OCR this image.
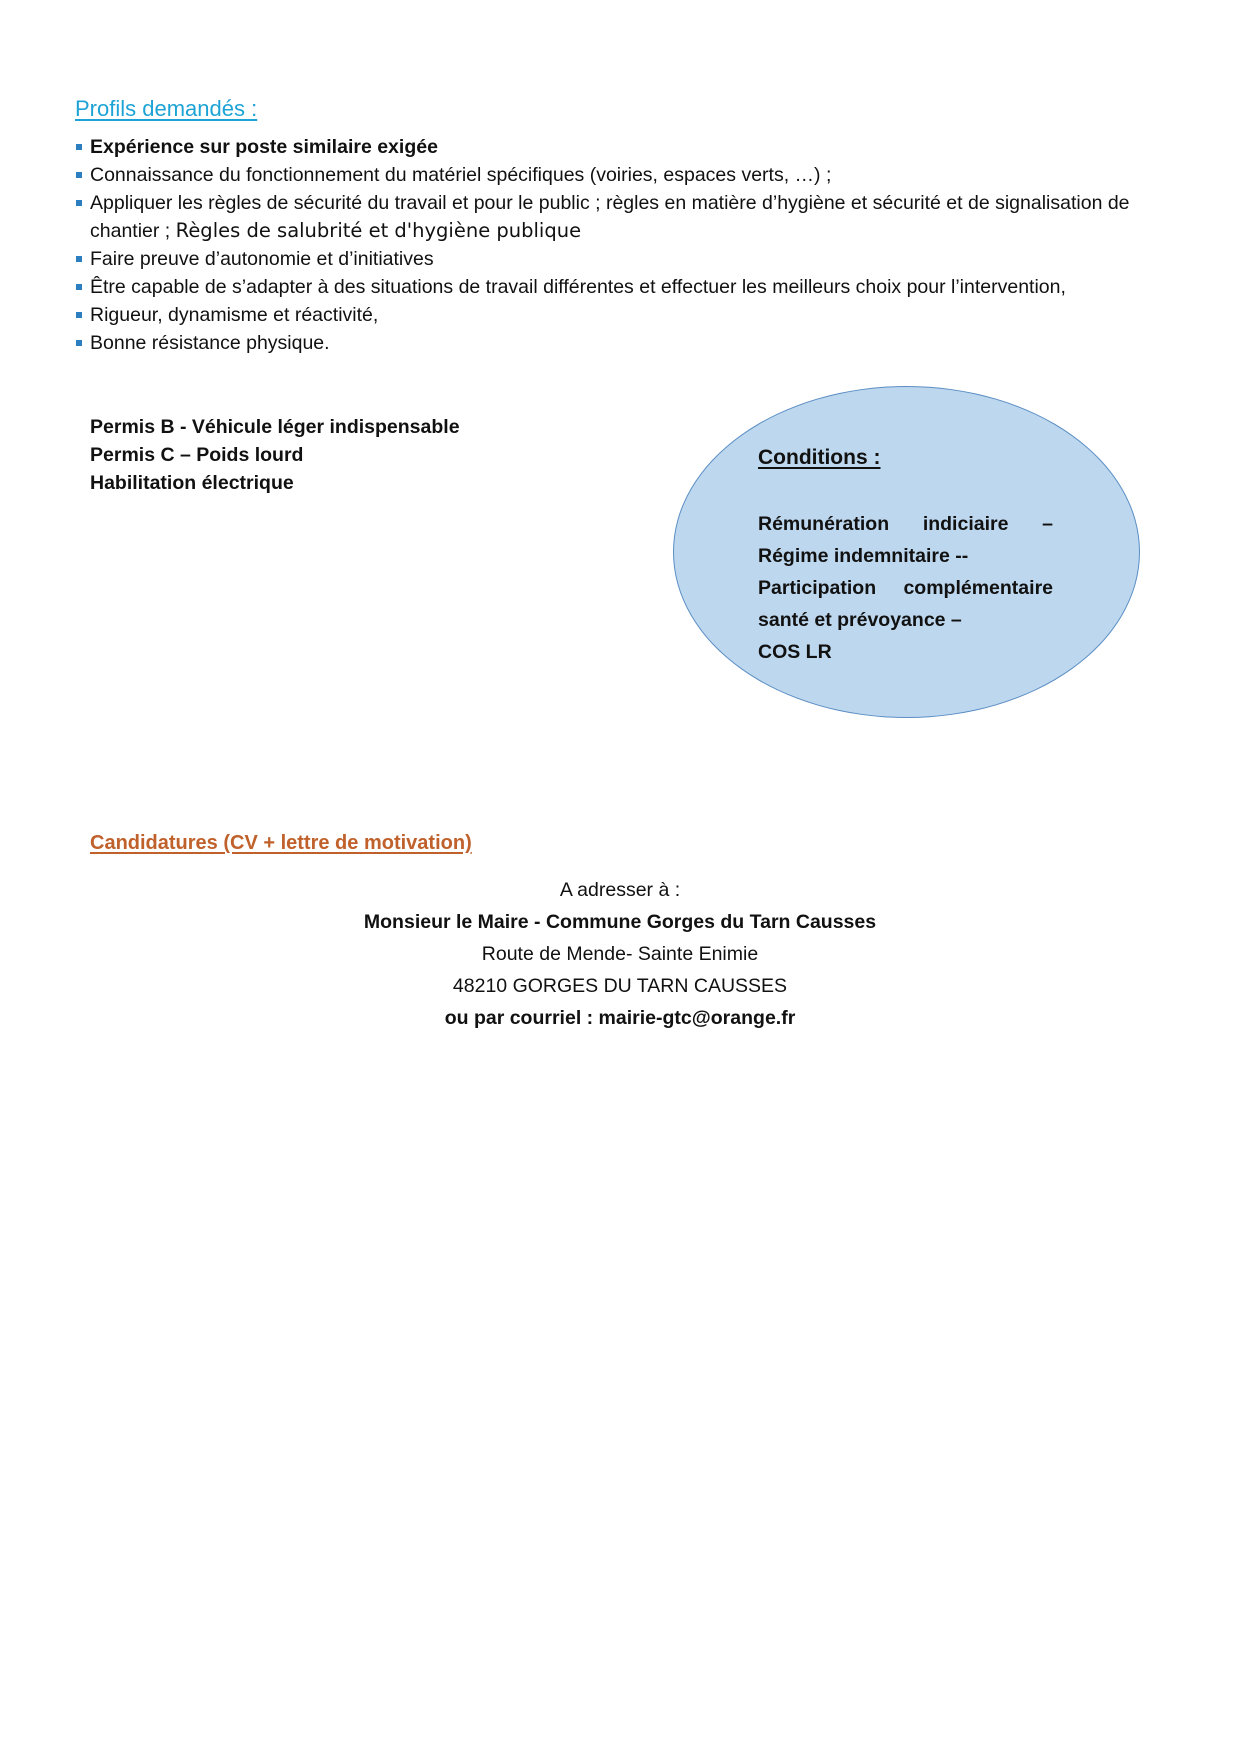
Profils demandés :
Expérience sur poste similaire exigée
Connaissance du fonctionnement du matériel spécifiques (voiries, espaces verts, …) ;
Appliquer les règles de sécurité du travail et pour le public ; règles en matière d’hygiène et sécurité et de signalisation de chantier ; Règles de salubrité et d'hygiène publique
Faire preuve d’autonomie et d’initiatives
Être capable de s’adapter à des situations de travail différentes et effectuer les meilleurs choix pour l’intervention,
Rigueur, dynamisme et réactivité,
Bonne résistance physique.
Permis B - Véhicule léger indispensable
Permis C – Poids lourd
Habilitation électrique
Conditions :
Rémunération indiciaire –
Régime indemnitaire --
Participation complémentaire
santé et prévoyance –
COS LR
Candidatures (CV + lettre de motivation)
A adresser à :
Monsieur le Maire - Commune Gorges du Tarn Causses
Route de Mende- Sainte Enimie
48210 GORGES DU TARN CAUSSES
ou par courriel : mairie-gtc@orange.fr
